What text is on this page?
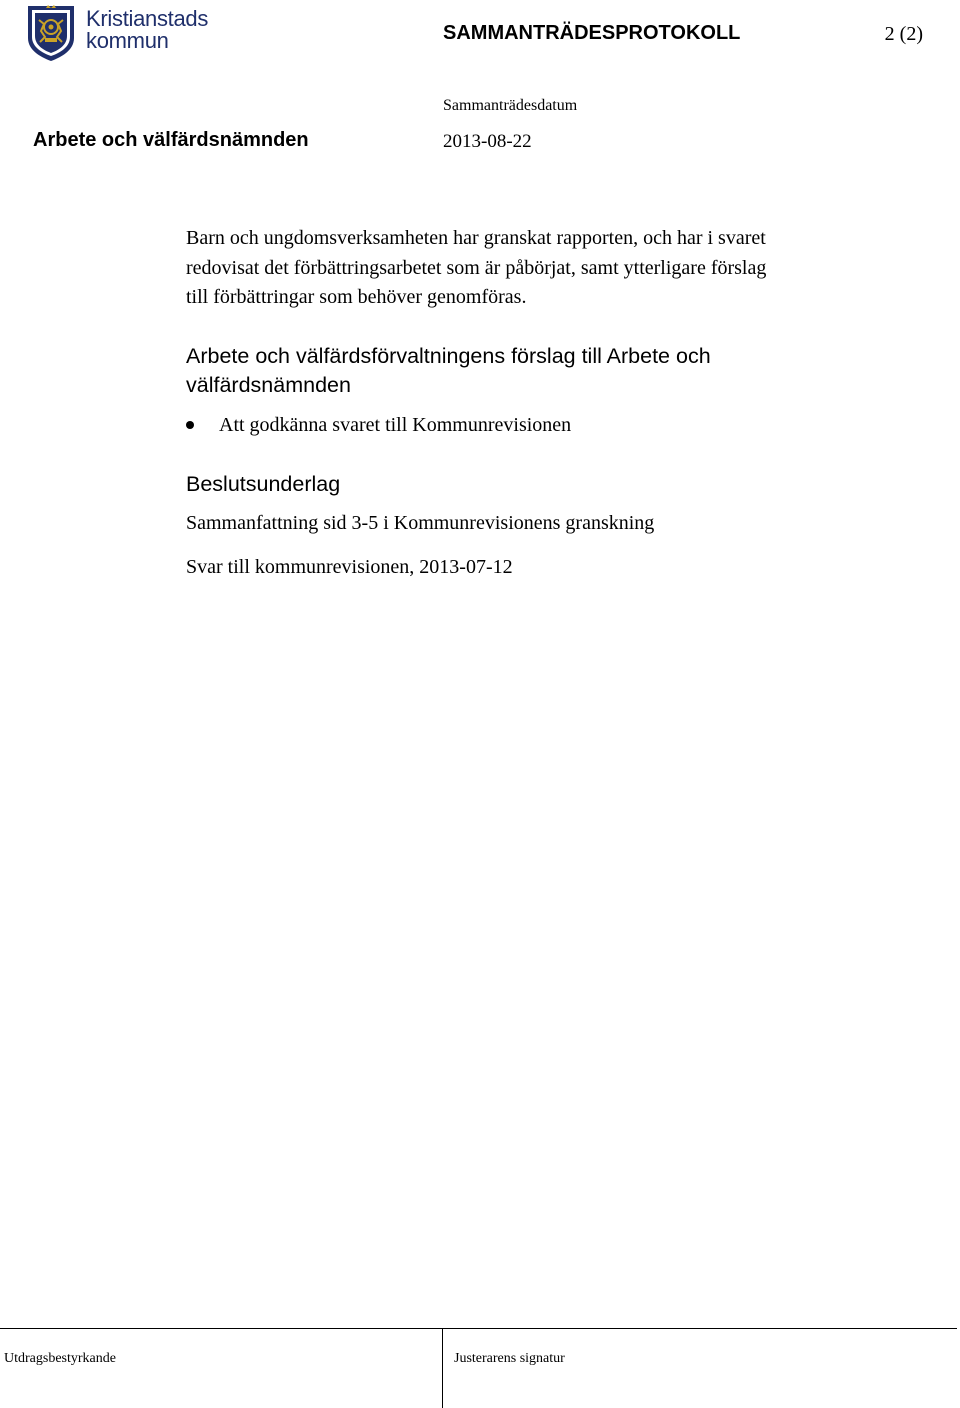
Kristianstads
kommun	SAMMANTRÄDESPROTOKOLL	2 (2)
Sammanträdesdatum
Arbete och välfärdsnämnden	2013-08-22
Barn och ungdomsverksamheten har granskat rapporten, och har i svaret
redovisat det förbättringsarbetet som är påbörjat, samt ytterligare förslag
till förbättringar som behöver genomföras.
Arbete och välfärdsförvaltningens förslag till Arbete och
välfärdsnämnden
Att godkänna svaret till Kommunrevisionen
Beslutsunderlag
Sammanfattning sid 3-5 i Kommunrevisionens granskning
Svar till kommunrevisionen, 2013-07-12
Utdragsbestyrkande	Justerarens signatur
